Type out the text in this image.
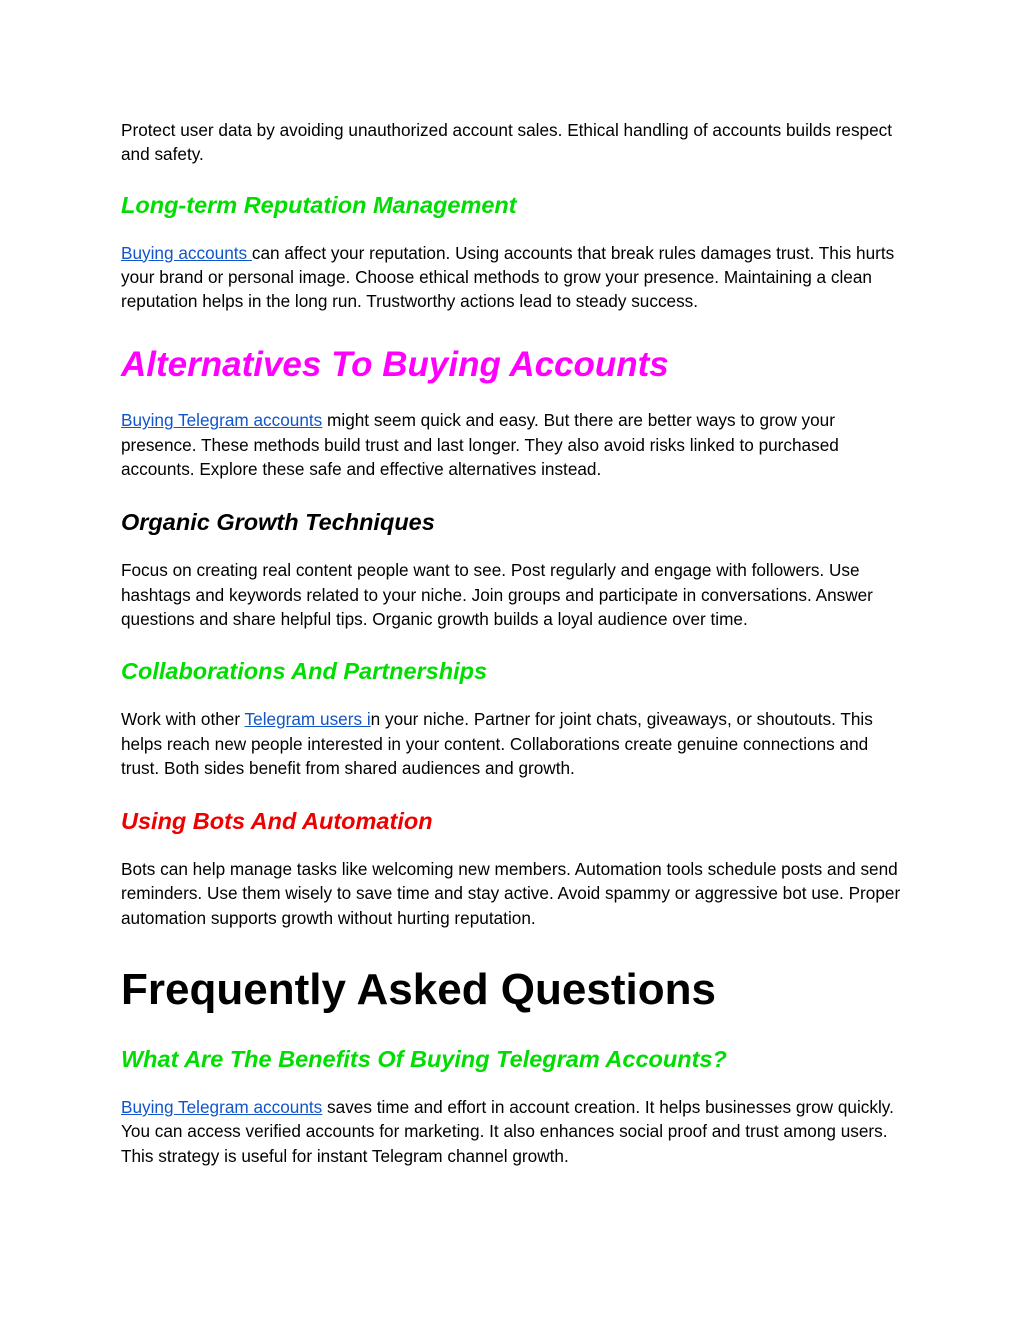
Protect user data by avoiding unauthorized account sales. Ethical handling of accounts builds respect and safety.

Long-term Reputation Management

Buying accounts can affect your reputation. Using accounts that break rules damages trust. This hurts your brand or personal image. Choose ethical methods to grow your presence. Maintaining a clean reputation helps in the long run. Trustworthy actions lead to steady success.

Alternatives To Buying Accounts

Buying Telegram accounts might seem quick and easy. But there are better ways to grow your presence. These methods build trust and last longer. They also avoid risks linked to purchased accounts. Explore these safe and effective alternatives instead.

Organic Growth Techniques

Focus on creating real content people want to see. Post regularly and engage with followers. Use hashtags and keywords related to your niche. Join groups and participate in conversations. Answer questions and share helpful tips. Organic growth builds a loyal audience over time.

Collaborations And Partnerships

Work with other Telegram users in your niche. Partner for joint chats, giveaways, or shoutouts. This helps reach new people interested in your content. Collaborations create genuine connections and trust. Both sides benefit from shared audiences and growth.

Using Bots And Automation

Bots can help manage tasks like welcoming new members. Automation tools schedule posts and send reminders. Use them wisely to save time and stay active. Avoid spammy or aggressive bot use. Proper automation supports growth without hurting reputation.

Frequently Asked Questions
What Are The Benefits Of Buying Telegram Accounts?

Buying Telegram accounts saves time and effort in account creation. It helps businesses grow quickly. You can access verified accounts for marketing. It also enhances social proof and trust among users. This strategy is useful for instant Telegram channel growth.
